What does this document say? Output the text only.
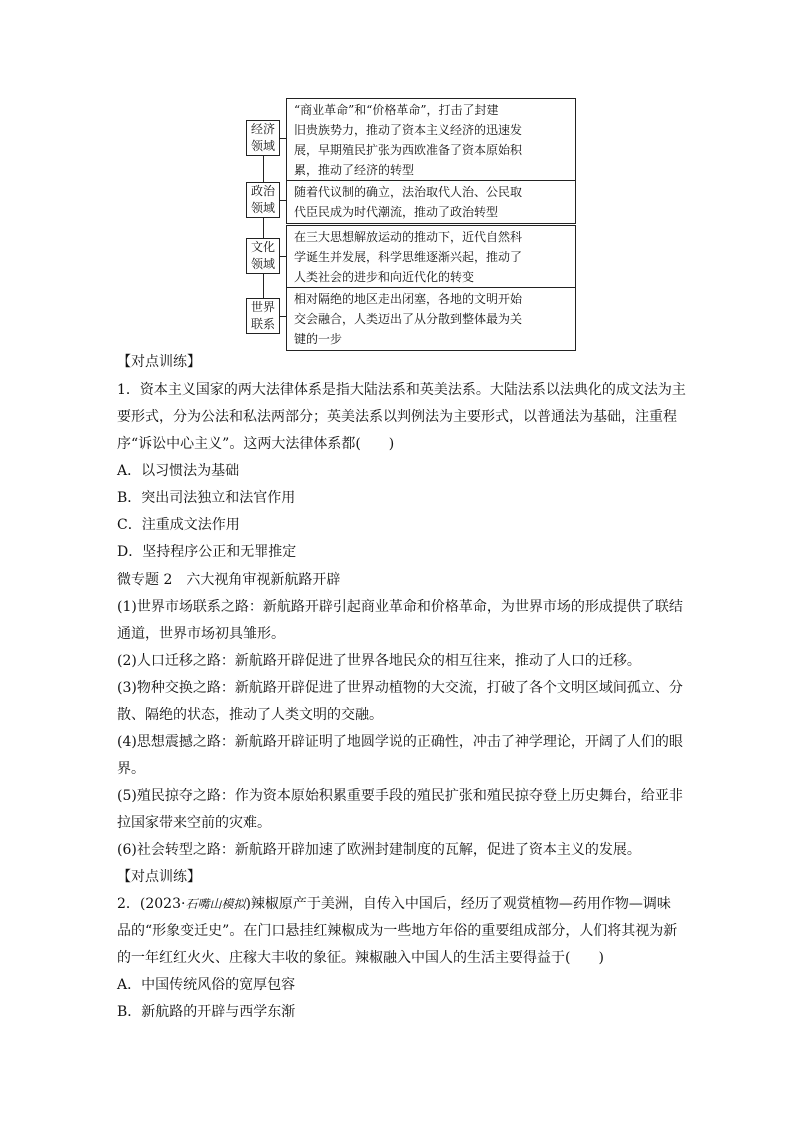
经济领域
“商业革命”和“价格革命”，打击了封建
旧贵族势力，推动了资本主义经济的迅速发
展，早期殖民扩张为西欧准备了资本原始积
累，推动了经济的转型
政治领域
随着代议制的确立，法治取代人治、公民取
代臣民成为时代潮流，推动了政治转型
文化领域
在三大思想解放运动的推动下，近代自然科
学诞生并发展，科学思维逐渐兴起，推动了
人类社会的进步和向近代化的转变
世界联系
相对隔绝的地区走出闭塞，各地的文明开始
交会融合，人类迈出了从分散到整体最为关
键的一步
【对点训练】
1．资本主义国家的两大法律体系是指大陆法系和英美法系。大陆法系以法典化的成文法为主
要形式，分为公法和私法两部分；英美法系以判例法为主要形式，以普通法为基础，注重程
序“诉讼中心主义”。这两大法律体系都(　　)
A．以习惯法为基础
B．突出司法独立和法官作用
C．注重成文法作用
D．坚持程序公正和无罪推定
微专题 2　六大视角审视新航路开辟
(1)世界市场联系之路：新航路开辟引起商业革命和价格革命，为世界市场的形成提供了联结
通道，世界市场初具雏形。
(2)人口迁移之路：新航路开辟促进了世界各地民众的相互往来，推动了人口的迁移。
(3)物种交换之路：新航路开辟促进了世界动植物的大交流，打破了各个文明区域间孤立、分
散、隔绝的状态，推动了人类文明的交融。
(4)思想震撼之路：新航路开辟证明了地圆学说的正确性，冲击了神学理论，开阔了人们的眼
界。
(5)殖民掠夺之路：作为资本原始积累重要手段的殖民扩张和殖民掠夺登上历史舞台，给亚非
拉国家带来空前的灾难。
(6)社会转型之路：新航路开辟加速了欧洲封建制度的瓦解，促进了资本主义的发展。
【对点训练】
2．(2023·石嘴山模拟)辣椒原产于美洲，自传入中国后，经历了观赏植物—药用作物—调味
品的“形象变迁史”。在门口悬挂红辣椒成为一些地方年俗的重要组成部分，人们将其视为新
的一年红红火火、庄稼大丰收的象征。辣椒融入中国人的生活主要得益于(　　)
A．中国传统风俗的宽厚包容
B．新航路的开辟与西学东渐
